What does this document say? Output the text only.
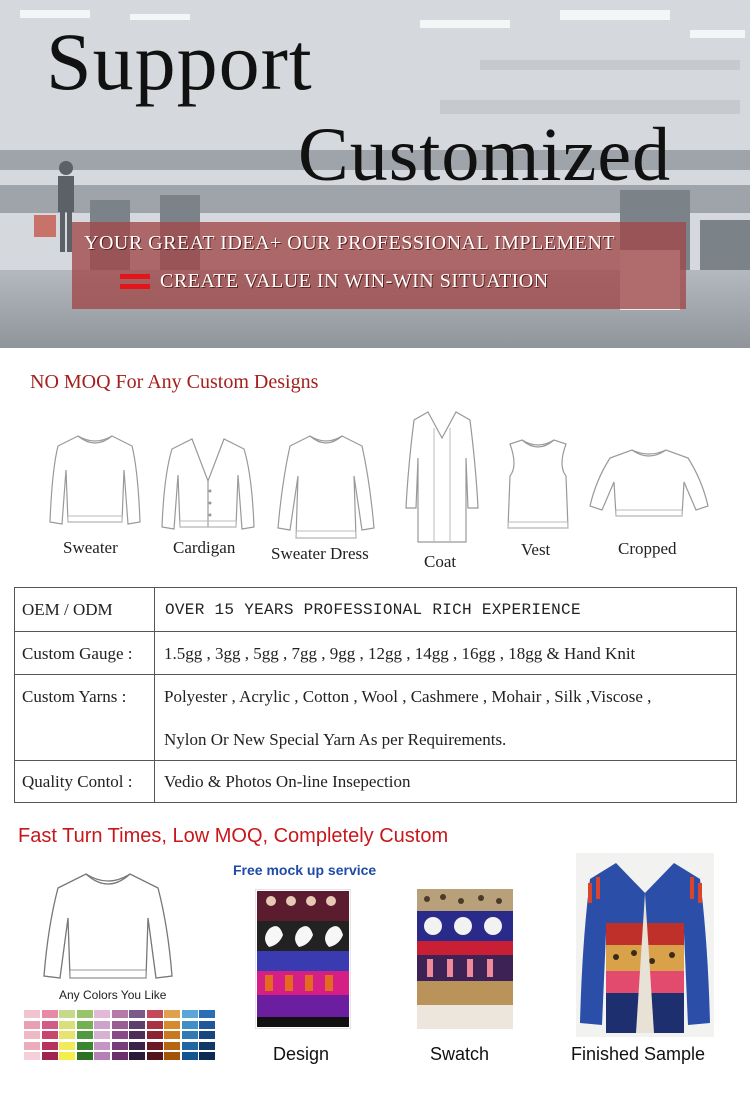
Support
Customized
YOUR GREAT IDEA+ OUR PROFESSIONAL IMPLEMENT
CREATE VALUE IN WIN-WIN SITUATION
NO MOQ For Any Custom Designs
Sweater	Cardigan Sweater Dress	Coat
Vest	Cropped
OEM / ODM	OVER 15 YEARS PROFESSIONAL RICH EXPERIENCE
Custom Gauge :	1.5gg , 3gg , 5gg , 7gg , 9gg , 12gg , 14gg , 16gg , 18gg & Hand Knit
Custom Yarns :	Polyester , Acrylic , Cotton , Wool , Cashmere , Mohair , Silk ,Viscose ,
Nylon Or New Special Yarn As per Requirements.
Quality Contol :	Vedio & Photos On-line Insepection
Fast Turn Times, Low MOQ, Completely Custom
Free mock up service
Any Colors You Like
Design	Swatch	Finished Sample
